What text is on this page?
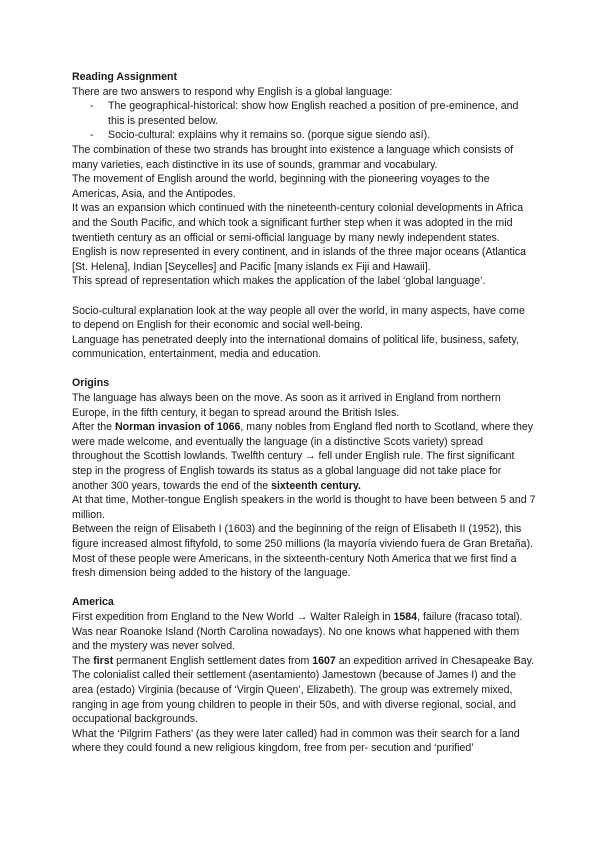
Reading Assignment

There are two answers to respond why English is a global language:

- The geographical-historical: show how English reached a position of pre-eminence, and this is presented below.
- Socio-cultural: explains why it remains so. (porque sigue siendo así).

The combination of these two strands has brought into existence a language which consists of many varieties, each distinctive in its use of sounds, grammar and vocabulary.

The movement of English around the world, beginning with the pioneering voyages to the Americas, Asia, and the Antipodes.

It was an expansion which continued with the nineteenth-century colonial developments in Africa and the South Pacific, and which took a significant further step when it was adopted in the mid twentieth century as an official or semi-official language by many newly independent states.

English is now represented in every continent, and in islands of the three major oceans (Atlantica [St. Helena], Indian [Seycelles] and Pacific [many islands ex Fiji and Hawaii].

This spread of representation which makes the application of the label ‘global language’.

Socio-cultural explanation look at the way people all over the world, in many aspects, have come to depend on English for their economic and social well-being.

Language has penetrated deeply into the international domains of political life, business, safety, communication, entertainment, media and education.

Origins

The language has always been on the move. As soon as it arrived in England from northern Europe, in the fifth century, it began to spread around the British Isles.

After the Norman invasion of 1066, many nobles from England fled north to Scotland, where they were made welcome, and eventually the language (in a distinctive Scots variety) spread throughout the Scottish lowlands. Twelfth century → fell under English rule. The first significant step in the progress of English towards its status as a global language did not take place for another 300 years, towards the end of the sixteenth century.

At that time, Mother-tongue English speakers in the world is thought to have been between 5 and 7 million.

Between the reign of Elisabeth I (1603) and the beginning of the reign of Elisabeth II (1952), this figure increased almost fiftyfold, to some 250 millions (la mayoría viviendo fuera de Gran Bretaña). Most of these people were Americans, in the sixteenth-century Noth America that we first find a fresh dimension being added to the history of the language.

America

First expedition from England to the New World → Walter Raleigh in 1584, failure (fracaso total). Was near Roanoke Island (North Carolina nowadays). No one knows what happened with them and the mystery was never solved.

The first permanent English settlement dates from 1607 an expedition arrived in Chesapeake Bay. The colonialist called their settlement (asentamiento) Jamestown (because of James I) and the area (estado) Virginia (because of ‘Virgin Queen’, Elizabeth). The group was extremely mixed, ranging in age from young children to people in their 50s, and with diverse regional, social, and occupational backgrounds.

What the ‘Pilgrim Fathers’ (as they were later called) had in common was their search for a land where they could found a new religious kingdom, free from per- secution and ‘purified’
